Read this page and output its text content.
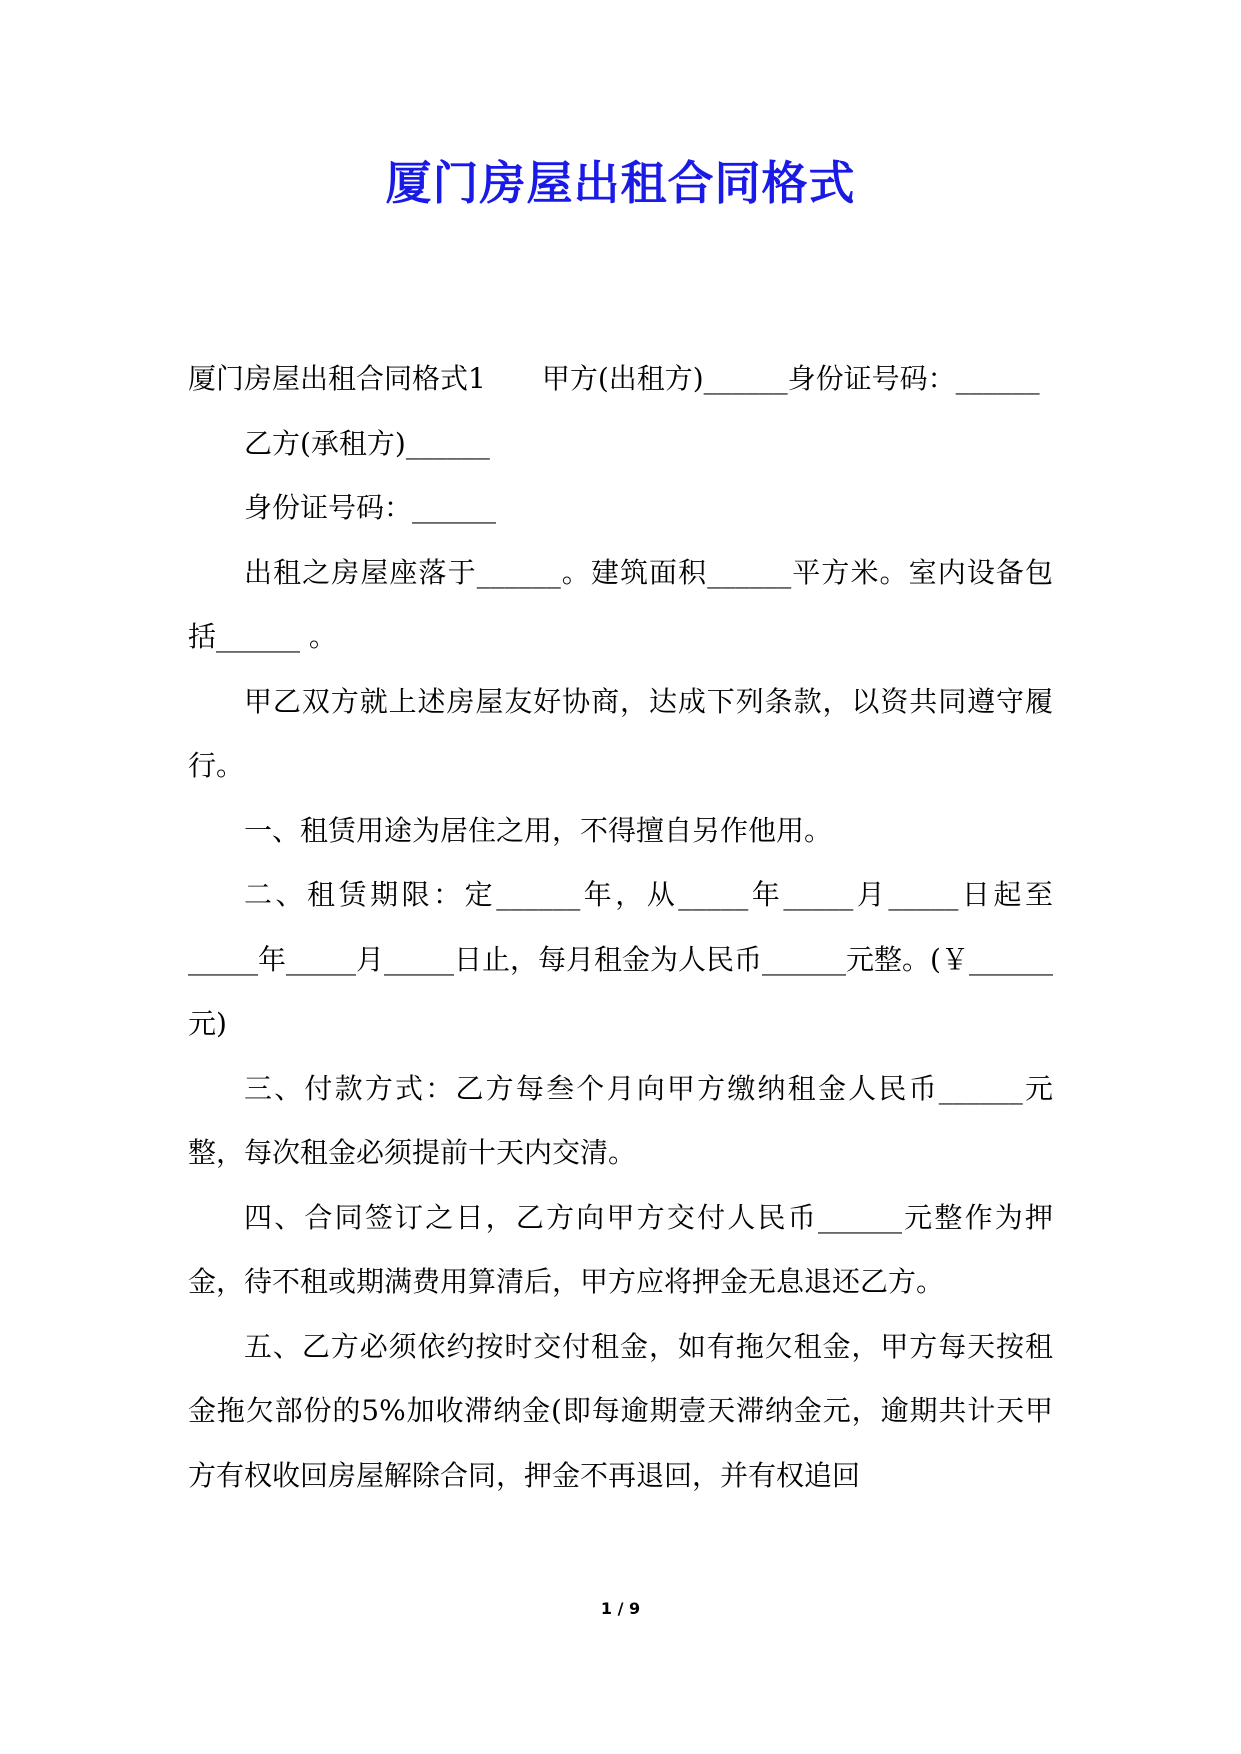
厦门房屋出租合同格式

厦门房屋出租合同格式1　　甲方(出租方)______身份证号码：______

乙方(承租方)______

身份证号码：______

出租之房屋座落于______。建筑面积______平方米。室内设备包括______ 。

甲乙双方就上述房屋友好协商，达成下列条款，以资共同遵守履行。

一、租赁用途为居住之用，不得擅自另作他用。

二、租赁期限：定______年，从_____年_____月_____日起至_____年_____月_____日止，每月租金为人民币______元整。(￥______元)

三、付款方式：乙方每叁个月向甲方缴纳租金人民币______元整，每次租金必须提前十天内交清。

四、合同签订之日，乙方向甲方交付人民币______元整作为押金，待不租或期满费用算清后，甲方应将押金无息退还乙方。

五、乙方必须依约按时交付租金，如有拖欠租金，甲方每天按租金拖欠部份的5%加收滞纳金(即每逾期壹天滞纳金元，逾期共计天甲方有权收回房屋解除合同，押金不再退回，并有权追回

1 / 9
